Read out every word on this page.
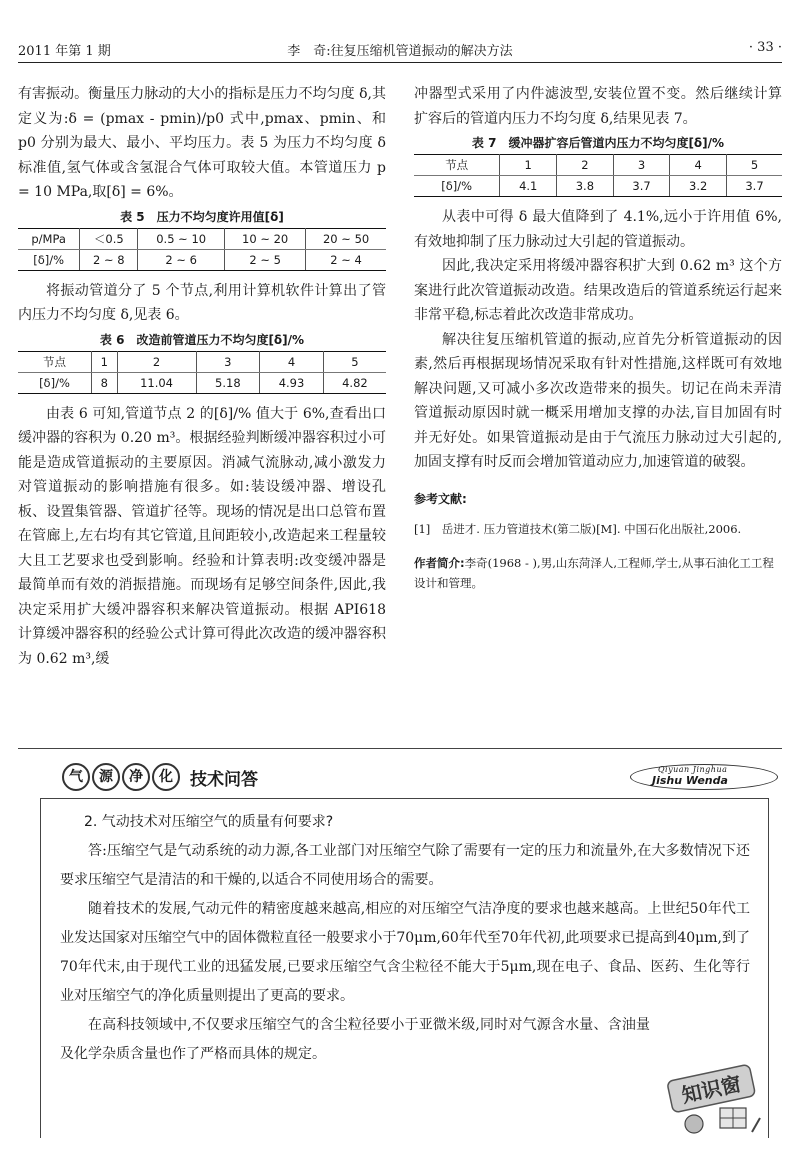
2011 年第 1 期	李　奇:往复压缩机管道振动的解决方法	· 33 ·

有害振动。衡量压力脉动的大小的指标是压力不均匀度 δ,其定义为:δ = (pmax - pmin)/p0 式中,pmax、pmin、和 p0 分别为最大、最小、平均压力。表 5 为压力不均匀度 δ 标准值,氢气体或含氢混合气体可取较大值。本管道压力 p = 10 MPa,取[δ] = 6%。

表 5　压力不均匀度许用值[δ]
p/MPa	＜0.5	0.5 ~ 10	10 ~ 20	20 ~ 50
[δ]/%	2 ~ 8	2 ~ 6	2 ~ 5	2 ~ 4

将振动管道分了 5 个节点,利用计算机软件计算出了管内压力不均匀度 δ,见表 6。

表 6　改造前管道压力不均匀度[δ]/%
节点	1	2	3	4	5
[δ]/%	8	11.04	5.18	4.93	4.82

由表 6 可知,管道节点 2 的[δ]/% 值大于 6%,查看出口缓冲器的容积为 0.20 m³。根据经验判断缓冲器容积过小可能是造成管道振动的主要原因。消减气流脉动,减小激发力对管道振动的影响措施有很多。如:装设缓冲器、增设孔板、设置集管器、管道扩径等。现场的情况是出口总管布置在管廊上,左右均有其它管道,且间距较小,改造起来工程量较大且工艺要求也受到影响。经验和计算表明:改变缓冲器是最简单而有效的消振措施。而现场有足够空间条件,因此,我决定采用扩大缓冲器容积来解决管道振动。根据 API618 计算缓冲器容积的经验公式计算可得此次改造的缓冲器容积为 0.62 m³,缓

冲器型式采用了内件滤波型,安装位置不变。然后继续计算扩容后的管道内压力不均匀度 δ,结果见表 7。

表 7　缓冲器扩容后管道内压力不均匀度[δ]/%
节点	1	2	3	4	5
[δ]/%	4.1	3.8	3.7	3.2	3.7

从表中可得 δ 最大值降到了 4.1%,远小于许用值 6%,有效地抑制了压力脉动过大引起的管道振动。

因此,我决定采用将缓冲器容积扩大到 0.62 m³ 这个方案进行此次管道振动改造。结果改造后的管道系统运行起来非常平稳,标志着此次改造非常成功。

解决往复压缩机管道的振动,应首先分析管道振动的因素,然后再根据现场情况采取有针对性措施,这样既可有效地解决问题,又可减小多次改造带来的损失。切记在尚未弄清管道振动原因时就一概采用增加支撑的办法,盲目加固有时并无好处。如果管道振动是由于气流压力脉动过大引起的,加固支撑有时反而会增加管道动应力,加速管道的破裂。

参考文献:
[1]　岳进才. 压力管道技术(第二版)[M]. 中国石化出版社,2006.
作者简介:李奇(1968 - ),男,山东菏泽人,工程师,学士,从事石油化工工程设计和管理。
气 源 净 化 技术问答	Qiyuan Jinghua
Jishu Wenda

2. 气动技术对压缩空气的质量有何要求?

答:压缩空气是气动系统的动力源,各工业部门对压缩空气除了需要有一定的压力和流量外,在大多数情况下还要求压缩空气是清洁的和干燥的,以适合不同使用场合的需要。

随着技术的发展,气动元件的精密度越来越高,相应的对压缩空气洁净度的要求也越来越高。上世纪50年代工业发达国家对压缩空气中的固体微粒直径一般要求小于70μm,60年代至70年代初,此项要求已提高到40μm,到了70年代末,由于现代工业的迅猛发展,已要求压缩空气含尘粒径不能大于5μm,现在电子、食品、医药、生化等行业对压缩空气的净化质量则提出了更高的要求。

在高科技领域中,不仅要求压缩空气的含尘粒径要小于亚微米级,同时对气源含水量、含油量及化学杂质含量也作了严格而具体的规定。

知识窗
